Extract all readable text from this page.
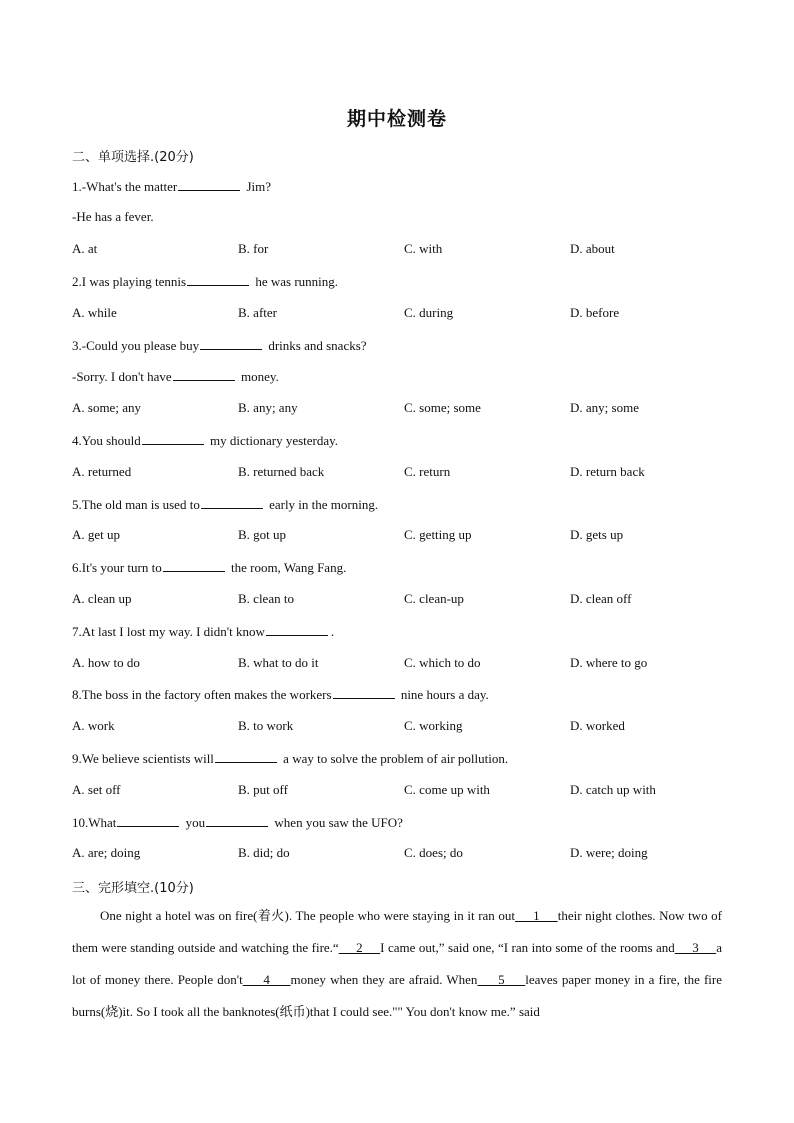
期中检测卷
二、单项选择.(20分)
1.-What's the matter	Jim?
-He has a fever.
A. at	B. for	C. with	D. about
2.I was playing tennis	he was running.
A. while	B. after	C. during	D. before
3.-Could you please buy	drinks and snacks?
-Sorry. I don't have	money.
A. some; any	B. any; any	C. some; some	D. any; some
4.You should	my dictionary yesterday.
A. returned	B. returned back	C. return	D. return back
5.The old man is used to	early in the morning.
A. get up	B. got up	C. getting up	D. gets up
6.It's your turn to	the room, Wang Fang.
A. clean up	B. clean to	C. clean-up	D. clean off
7.At last I lost my way. I didn't know	.
A. how to do	B. what to do it	C. which to do	D. where to go
8.The boss in the factory often makes the workers	nine hours a day.
A. work	B. to work	C. working	D. worked
9.We believe scientists will	a way to solve the problem of air pollution.
A. set off	B. put off	C. come up with	D. catch up with
10.What	you	when you saw the UFO?
A. are; doing	B. did; do	C. does; do	D. were; doing
三、完形填空.(10分)

One night a hotel was on fire(着火). The people who were staying in it ran out     1     their night clothes. Now two of them were standing outside and watching the fire.“     2     I came out,” said one, “I ran into some of the rooms and     3     a lot of money there. People don't     4     money when they are afraid. When     5     leaves paper money in a fire, the fire burns(烧)it. So I took all the banknotes(纸币)that I could see."" You don't know me.” said
